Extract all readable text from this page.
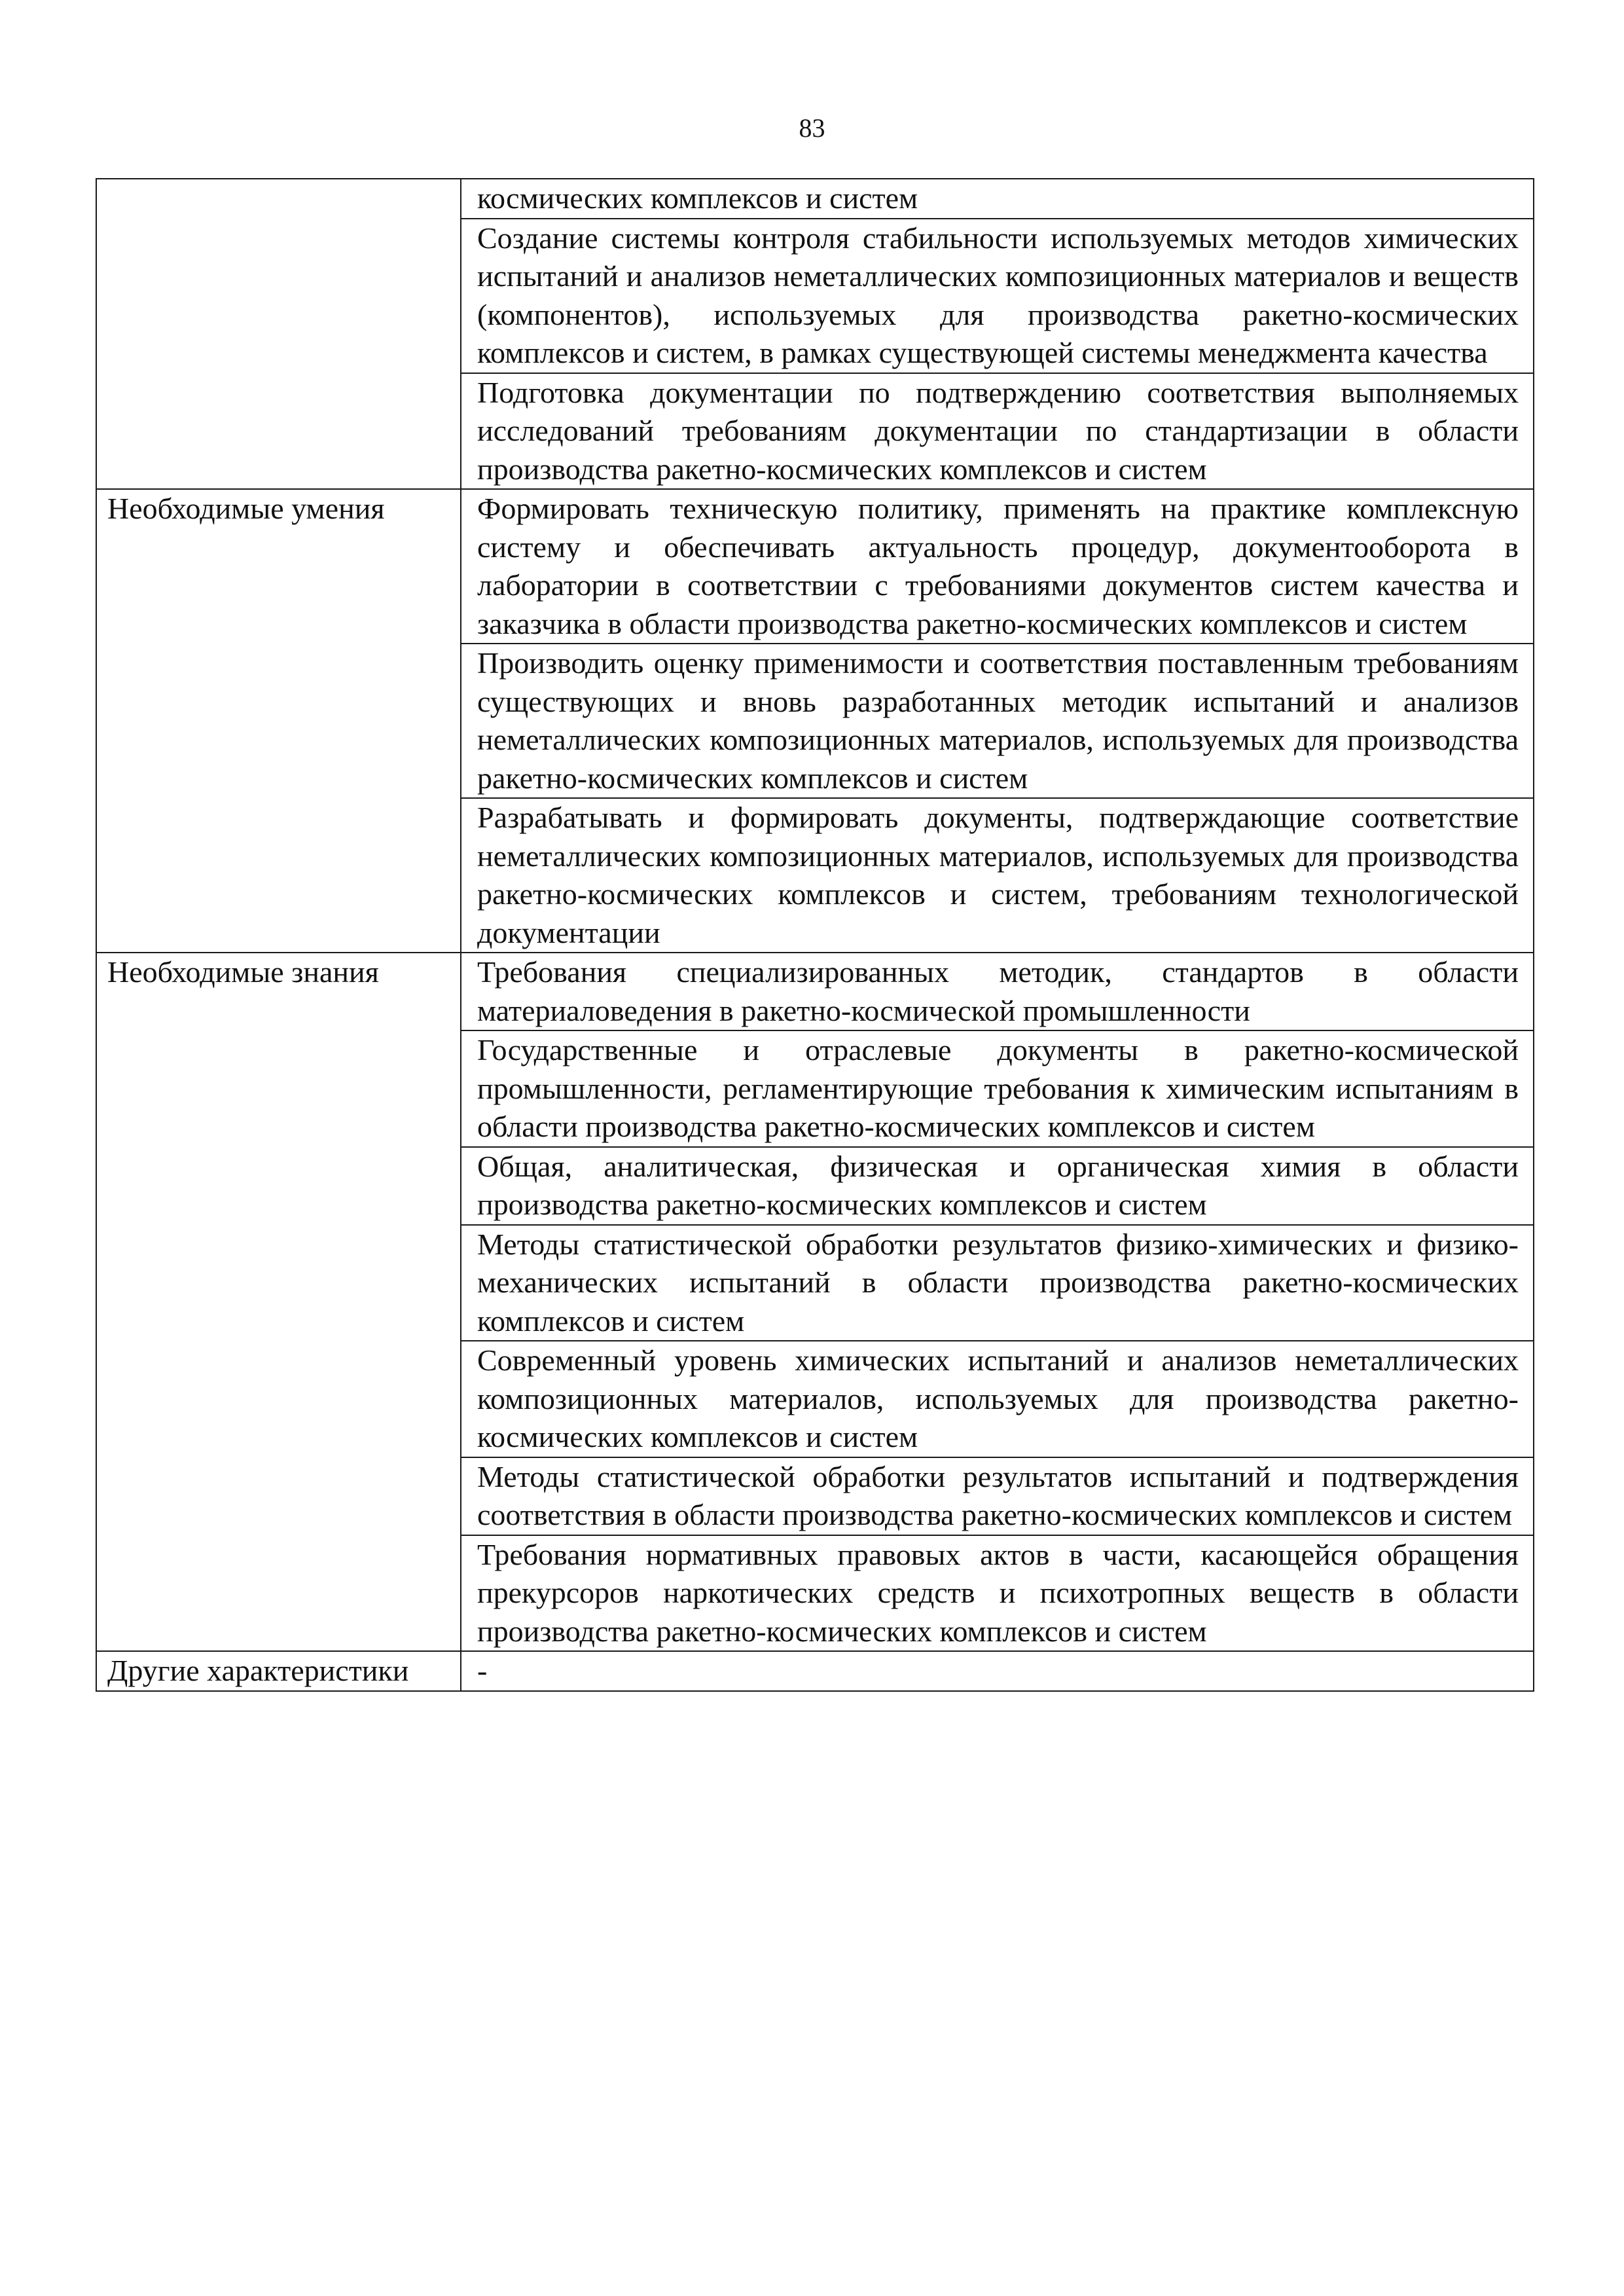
83
	космических комплексов и систем
	Создание системы контроля стабильности используемых методов химических испытаний и анализов неметаллических композиционных материалов и веществ (компонентов), используемых для производства ракетно-космических комплексов и систем, в рамках существующей системы менеджмента качества
	Подготовка документации по подтверждению соответствия выполняемых исследований требованиям документации по стандартизации в области производства ракетно-космических комплексов и систем
Необходимые умения	Формировать техническую политику, применять на практике комплексную систему и обеспечивать актуальность процедур, документооборота в лаборатории в соответствии с требованиями документов систем качества и заказчика в области производства ракетно-космических комплексов и систем
	Производить оценку применимости и соответствия поставленным требованиям существующих и вновь разработанных методик испытаний и анализов неметаллических композиционных материалов, используемых для производства ракетно-космических комплексов и систем
	Разрабатывать и формировать документы, подтверждающие соответствие неметаллических композиционных материалов, используемых для производства ракетно-космических комплексов и систем, требованиям технологической документации
Необходимые знания	Требования специализированных методик, стандартов в области материаловедения в ракетно-космической промышленности
	Государственные и отраслевые документы в ракетно-космической промышленности, регламентирующие требования к химическим испытаниям в области производства ракетно-космических комплексов и систем
	Общая, аналитическая, физическая и органическая химия в области производства ракетно-космических комплексов и систем
	Методы статистической обработки результатов физико-химических и физико-механических испытаний в области производства ракетно-космических комплексов и систем
	Современный уровень химических испытаний и анализов неметаллических композиционных материалов, используемых для производства ракетно-космических комплексов и систем
	Методы статистической обработки результатов испытаний и подтверждения соответствия в области производства ракетно-космических комплексов и систем
	Требования нормативных правовых актов в части, касающейся обращения прекурсоров наркотических средств и психотропных веществ в области производства ракетно-космических комплексов и систем
Другие характеристики	-
